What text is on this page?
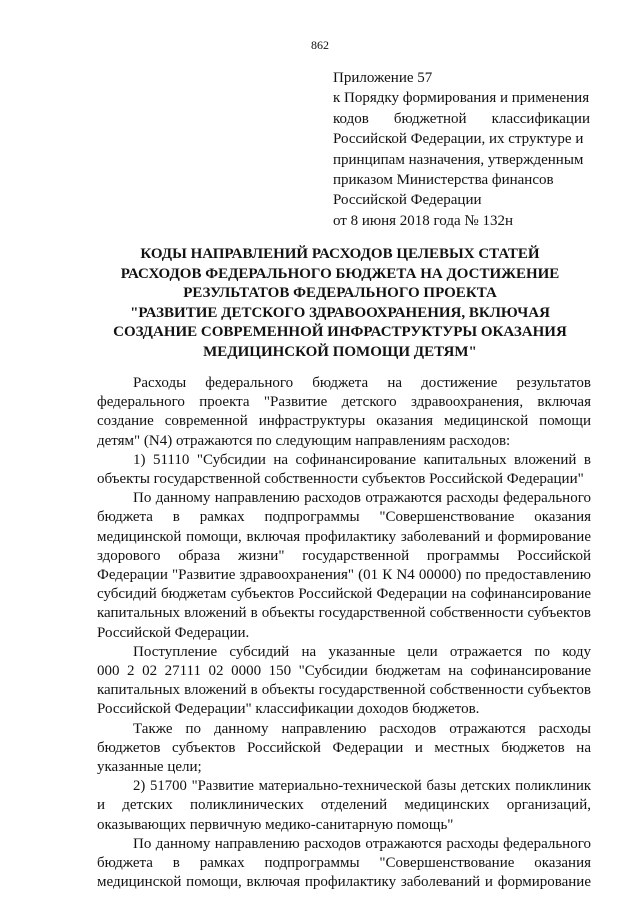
862
Приложение 57
к Порядку формирования и применения
кодов бюджетной классификации
Российской Федерации, их структуре и
принципам назначения, утвержденным
приказом Министерства финансов
Российской Федерации
от 8 июня 2018 года № 132н
КОДЫ НАПРАВЛЕНИЙ РАСХОДОВ ЦЕЛЕВЫХ СТАТЕЙ
РАСХОДОВ ФЕДЕРАЛЬНОГО БЮДЖЕТА НА ДОСТИЖЕНИЕ
РЕЗУЛЬТАТОВ ФЕДЕРАЛЬНОГО ПРОЕКТА
"РАЗВИТИЕ ДЕТСКОГО ЗДРАВООХРАНЕНИЯ, ВКЛЮЧАЯ
СОЗДАНИЕ СОВРЕМЕННОЙ ИНФРАСТРУКТУРЫ ОКАЗАНИЯ
МЕДИЦИНСКОЙ ПОМОЩИ ДЕТЯМ"
Расходы федерального бюджета на достижение результатов
федерального проекта "Развитие детского здравоохранения, включая
создание современной инфраструктуры оказания медицинской помощи
детям" (N4) отражаются по следующим направлениям расходов:
1) 51110 "Субсидии на софинансирование капитальных вложений в
объекты государственной собственности субъектов Российской Федерации"
По данному направлению расходов отражаются расходы федерального
бюджета в рамках подпрограммы "Совершенствование оказания
медицинской помощи, включая профилактику заболеваний и формирование
здорового образа жизни" государственной программы Российской
Федерации "Развитие здравоохранения" (01 К N4 00000) по предоставлению
субсидий бюджетам субъектов Российской Федерации на софинансирование
капитальных вложений в объекты государственной собственности субъектов
Российской Федерации.
Поступление субсидий на указанные цели отражается по коду
000 2 02 27111 02 0000 150 "Субсидии бюджетам на софинансирование
капитальных вложений в объекты государственной собственности субъектов
Российской Федерации" классификации доходов бюджетов.
Также по данному направлению расходов отражаются расходы
бюджетов субъектов Российской Федерации и местных бюджетов на
указанные цели;
2) 51700 "Развитие материально-технической базы детских поликлиник
и детских поликлинических отделений медицинских организаций,
оказывающих первичную медико-санитарную помощь"
По данному направлению расходов отражаются расходы федерального
бюджета в рамках подпрограммы "Совершенствование оказания
медицинской помощи, включая профилактику заболеваний и формирование
